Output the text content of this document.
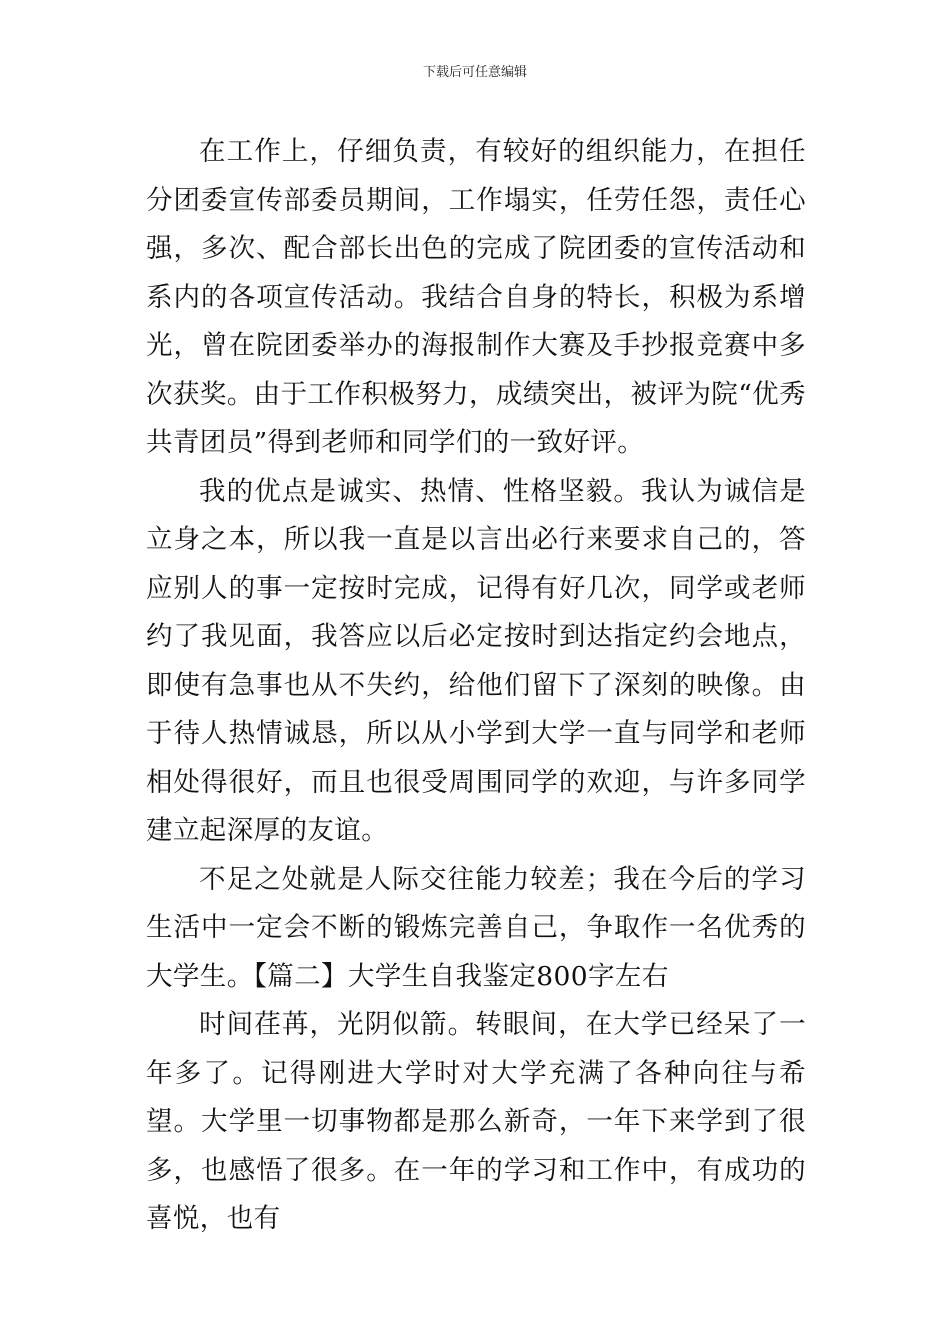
下载后可任意编辑

在工作上，仔细负责，有较好的组织能力，在担任分团委宣传部委员期间，工作塌实，任劳任怨，责任心强，多次、配合部长出色的完成了院团委的宣传活动和系内的各项宣传活动。我结合自身的特长，积极为系增光，曾在院团委举办的海报制作大赛及手抄报竞赛中多次获奖。由于工作积极努力，成绩突出，被评为院“优秀共青团员”得到老师和同学们的一致好评。

我的优点是诚实、热情、性格坚毅。我认为诚信是立身之本，所以我一直是以言出必行来要求自己的，答应别人的事一定按时完成，记得有好几次，同学或老师约了我见面，我答应以后必定按时到达指定约会地点，即使有急事也从不失约，给他们留下了深刻的映像。由于待人热情诚恳，所以从小学到大学一直与同学和老师相处得很好，而且也很受周围同学的欢迎，与许多同学建立起深厚的友谊。

不足之处就是人际交往能力较差；我在今后的学习生活中一定会不断的锻炼完善自己，争取作一名优秀的大学生。【篇二】大学生自我鉴定800字左右

时间荏苒，光阴似箭。转眼间，在大学已经呆了一年多了。记得刚进大学时对大学充满了各种向往与希望。大学里一切事物都是那么新奇，一年下来学到了很多，也感悟了很多。在一年的学习和工作中，有成功的喜悦，也有
